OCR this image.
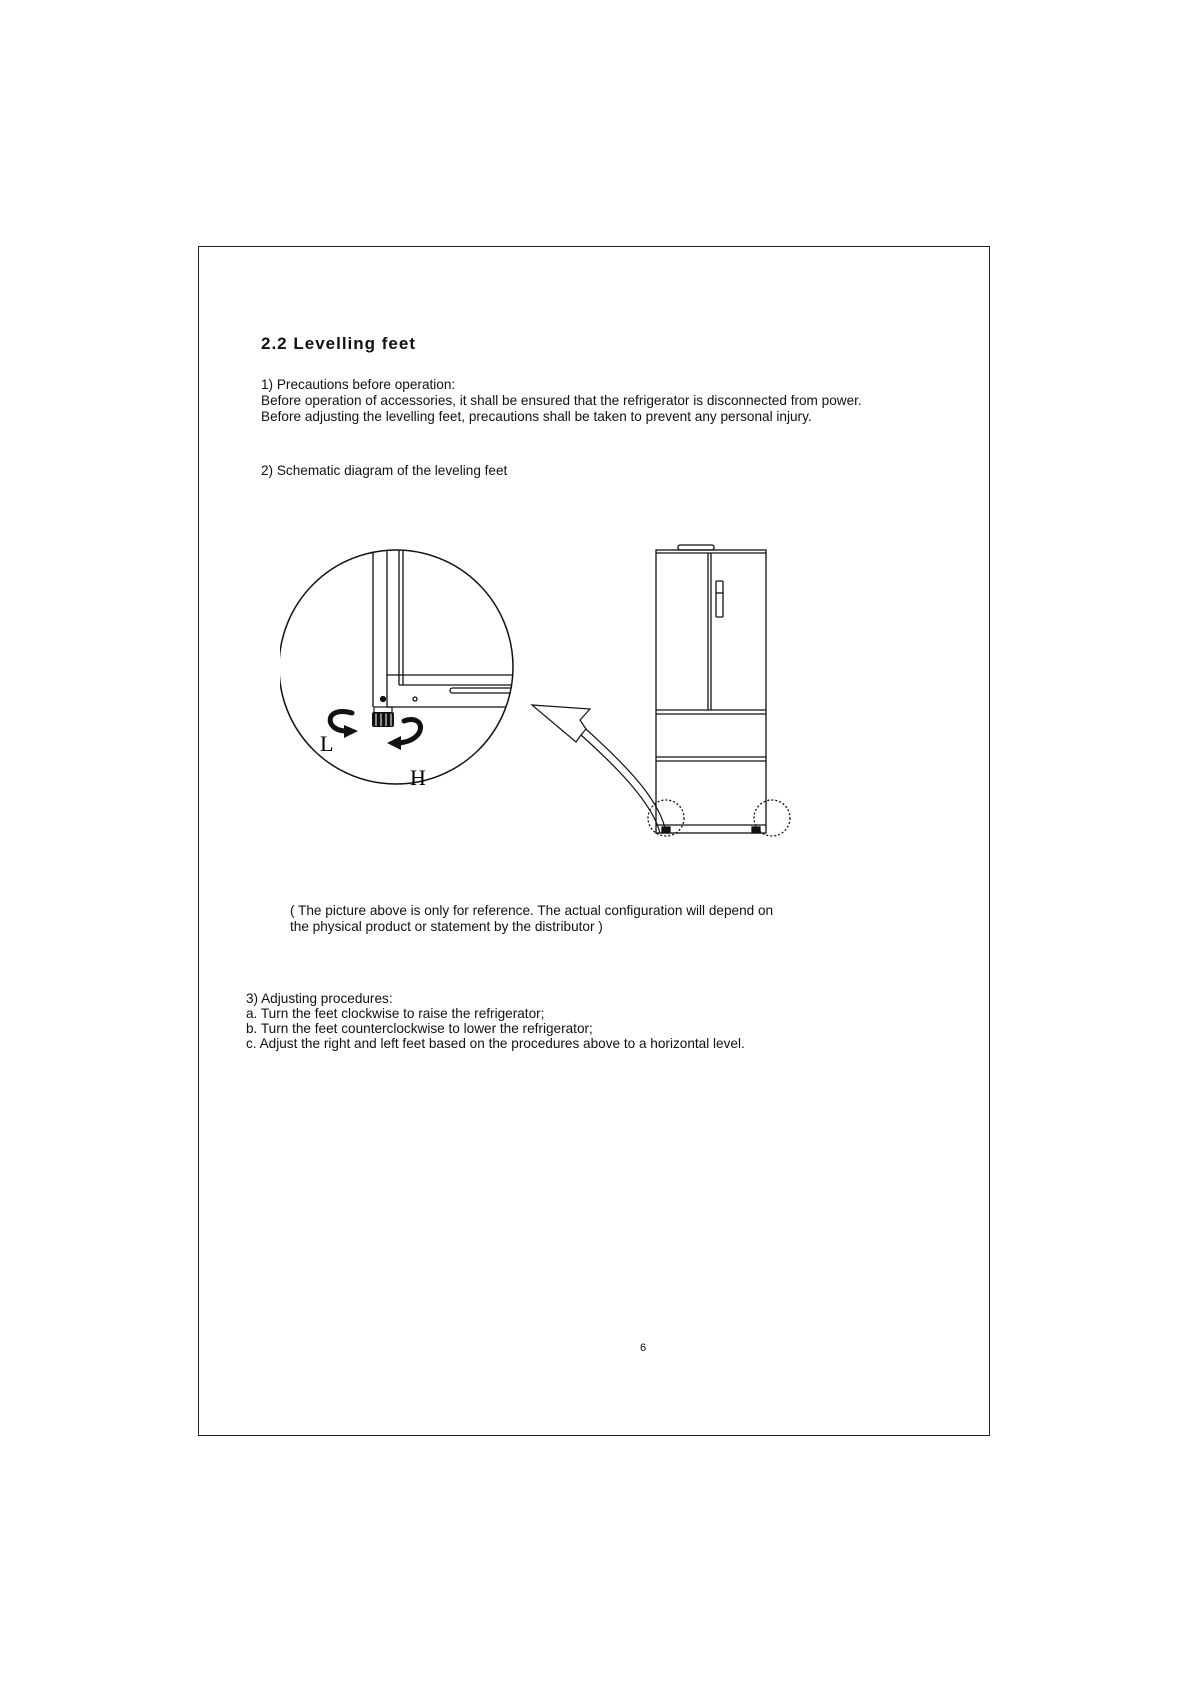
2.2 Levelling feet
1) Precautions before operation:
Before operation of accessories, it shall be ensured that the refrigerator is disconnected from power.
Before adjusting the levelling feet, precautions shall be taken to prevent any personal injury.
2) Schematic diagram of the leveling feet
L
H
( The picture above is only for reference. The actual configuration will depend on
the physical product or statement by the distributor )
3) Adjusting procedures:
a. Turn the feet clockwise to raise the refrigerator;
b. Turn the feet counterclockwise to lower the refrigerator;
c. Adjust the right and left feet based on the procedures above to a horizontal level.
6
